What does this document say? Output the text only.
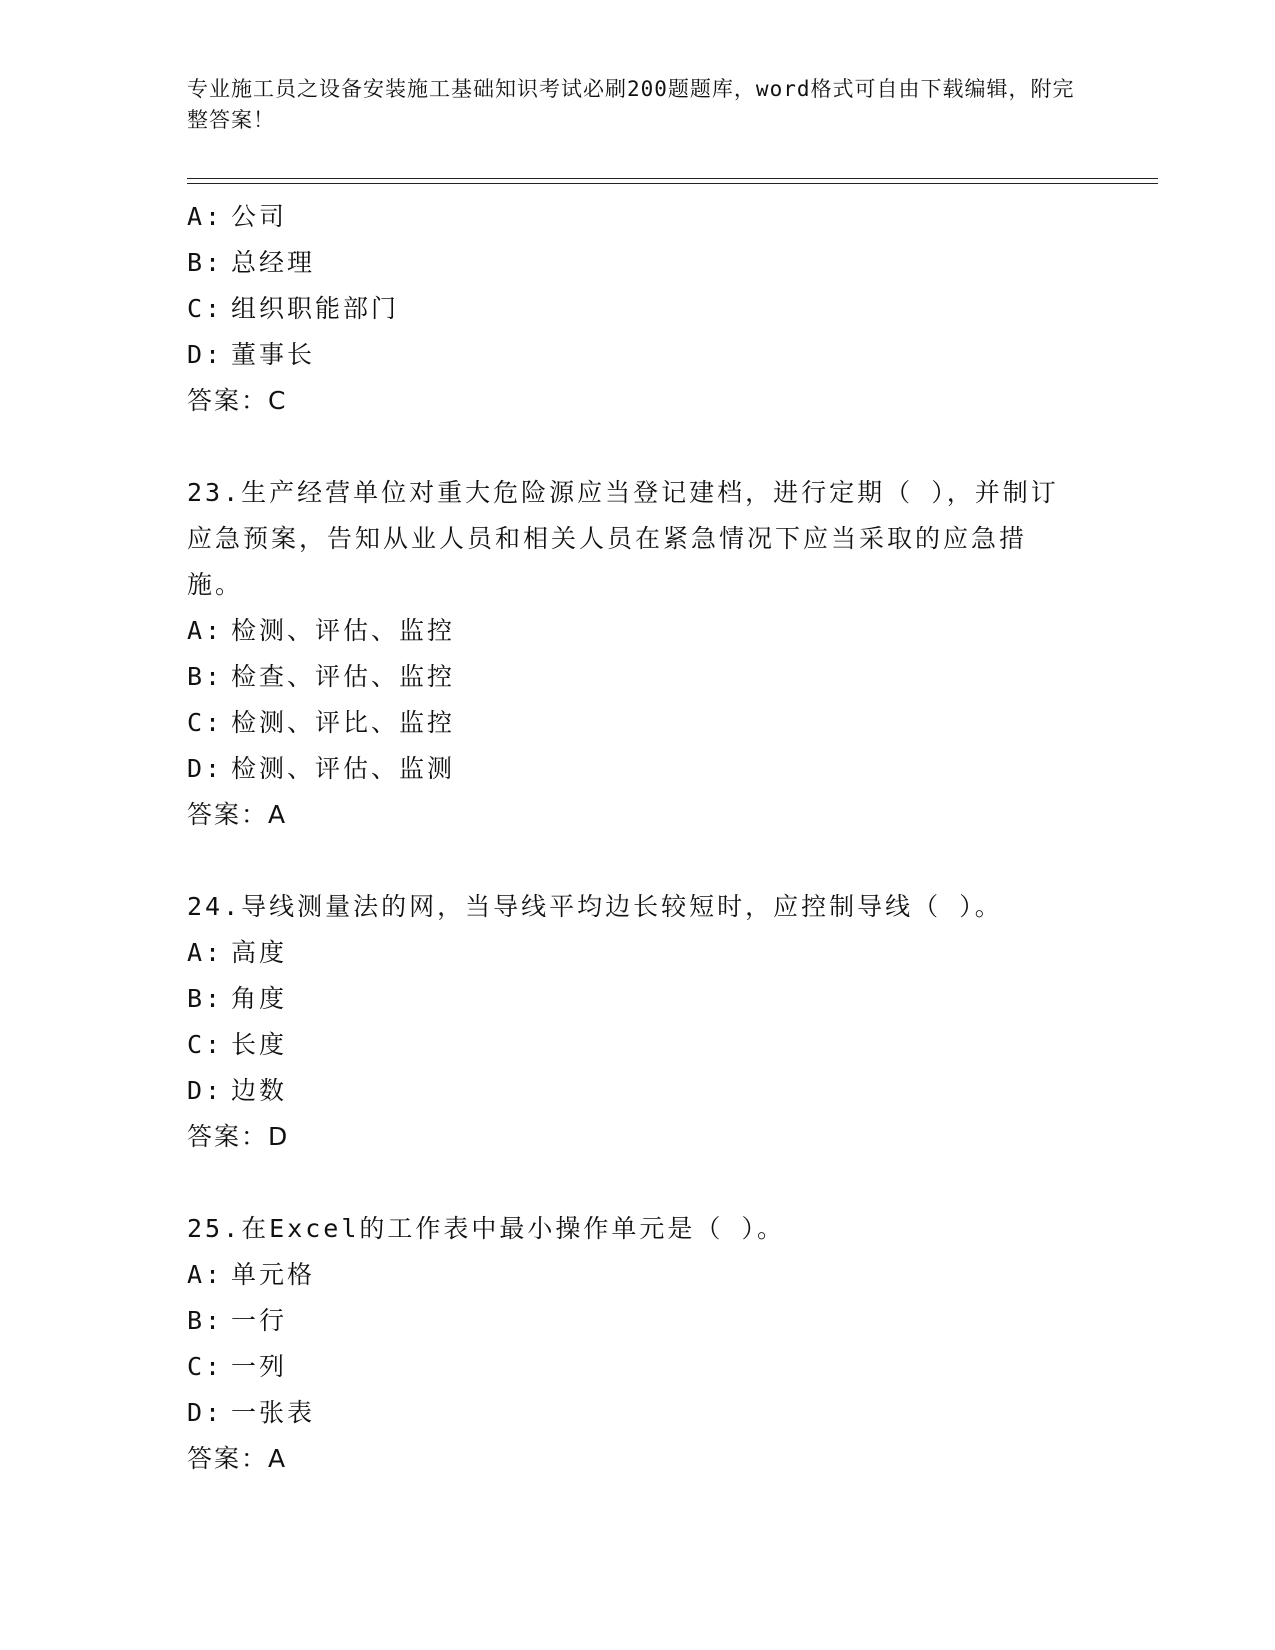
专业施工员之设备安装施工基础知识考试必刷200题题库，word格式可自由下载编辑，附完整答案！
A: 公司
B: 总经理
C: 组织职能部门
D: 董事长
答案：C
23.生产经营单位对重大危险源应当登记建档，进行定期（ ），并制订应急预案，告知从业人员和相关人员在紧急情况下应当采取的应急措施。
A: 检测、评估、监控
B: 检查、评估、监控
C: 检测、评比、监控
D: 检测、评估、监测
答案：A
24.导线测量法的网，当导线平均边长较短时，应控制导线（ ）。
A: 高度
B: 角度
C: 长度
D: 边数
答案：D
25.在Excel的工作表中最小操作单元是（ ）。
A: 单元格
B: 一行
C: 一列
D: 一张表
答案：A
